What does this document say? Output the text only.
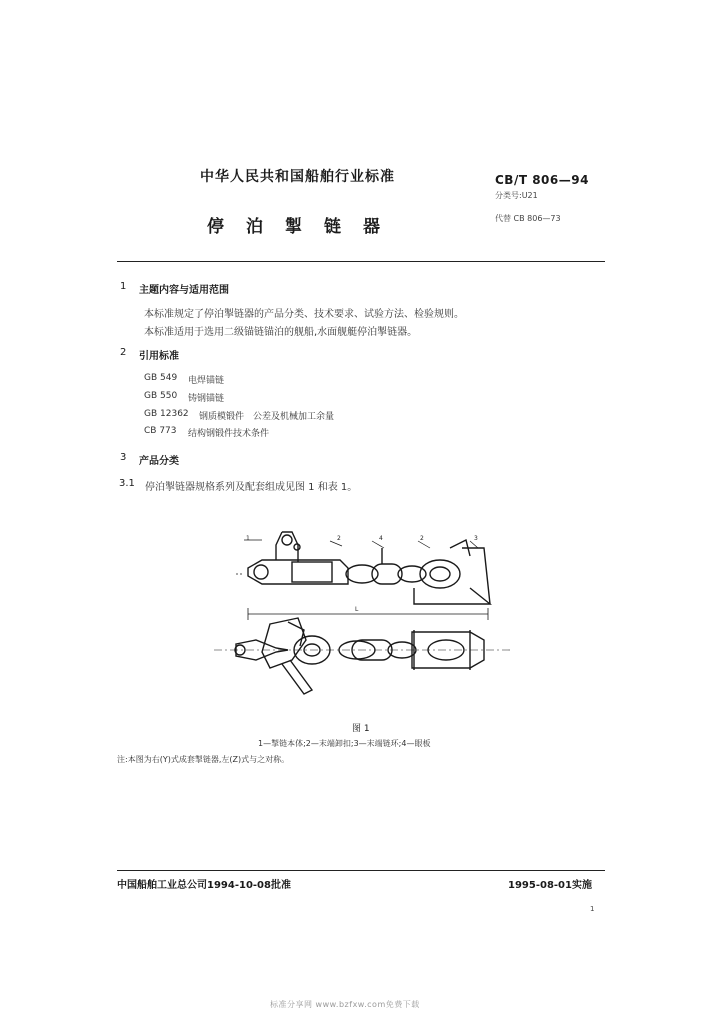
中华人民共和国船舶行业标准
停泊掣链器
CB/T 806—94
分类号:U21
代替 CB 806—73
1 主题内容与适用范围
本标准规定了停泊掣链器的产品分类、技术要求、试验方法、检验规则。
本标准适用于选用二级锚链锚泊的舰船,水面舰艇停泊掣链器。
2 引用标准
GB 549 电焊锚链
GB 550 铸钢锚链
GB 12362 钢质模锻件　公差及机械加工余量
CB 773 结构钢锻件技术条件
3 产品分类
3.1 停泊掣链器规格系列及配套组成见图 1 和表 1。
1	2	4	2	3
L
图 1
1—掣链本体;2—末端卸扣;3—末端链环;4—眼板
注:本图为右(Y)式成套掣链器,左(Z)式与之对称。
中国船舶工业总公司1994-10-08批准	1995-08-01实施
1
标准分享网 www.bzfxw.com免费下载
